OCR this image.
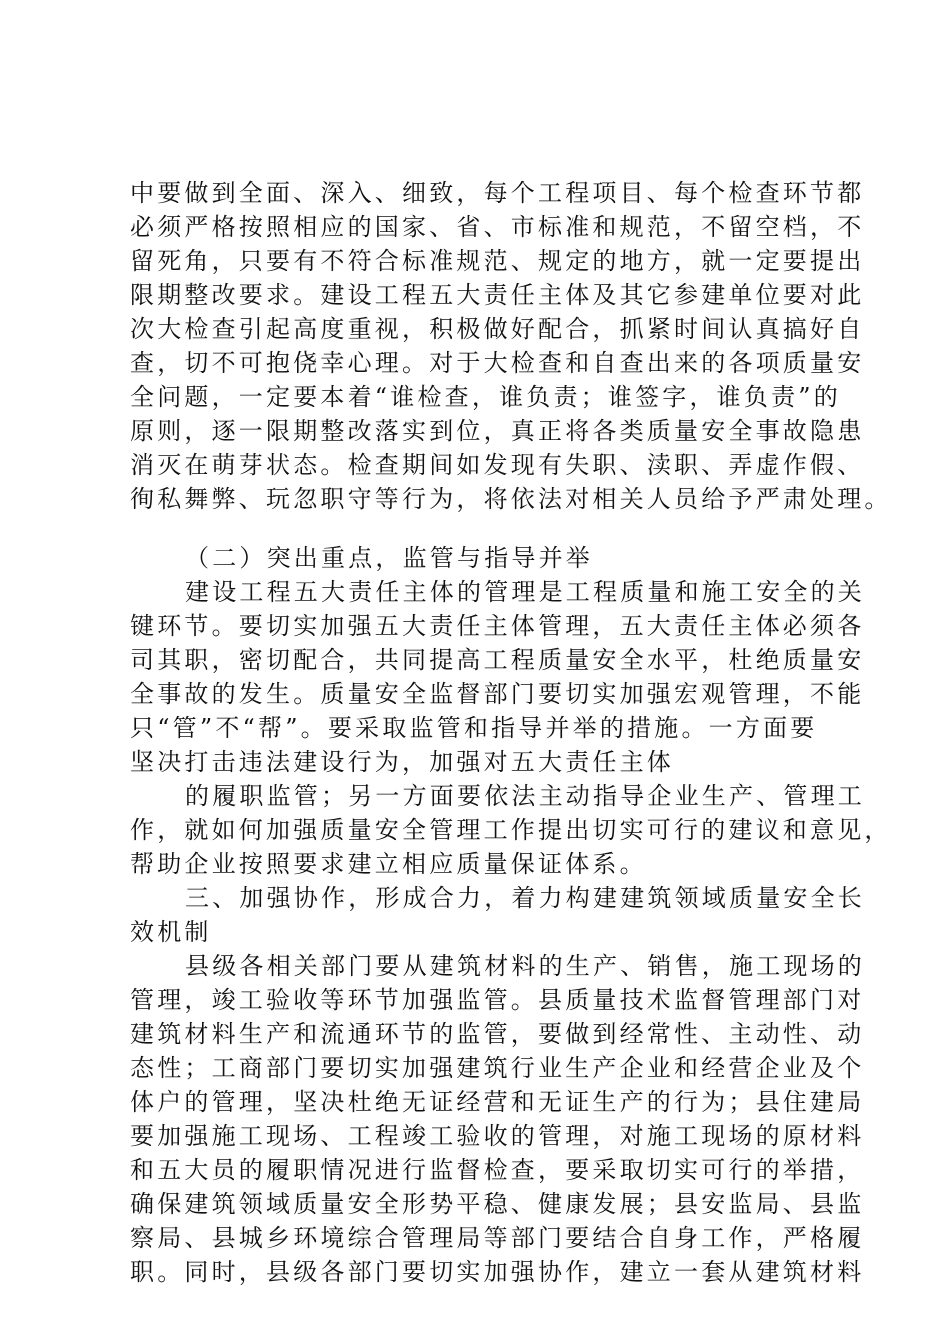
中要做到全面、深入、细致，每个工程项目、每个检查环节都
必须严格按照相应的国家、省、市标准和规范，不留空档，不
留死角，只要有不符合标准规范、规定的地方，就一定要提出
限期整改要求。建设工程五大责任主体及其它参建单位要对此
次大检查引起高度重视，积极做好配合，抓紧时间认真搞好自
查，切不可抱侥幸心理。对于大检查和自查出来的各项质量安
全问题，一定要本着“谁检查，谁负责；谁签字，谁负责”的
原则，逐一限期整改落实到位，真正将各类质量安全事故隐患
消灭在萌芽状态。检查期间如发现有失职、渎职、弄虚作假、
徇私舞弊、玩忽职守等行为，将依法对相关人员给予严肃处理。
（二）突出重点，监管与指导并举
建设工程五大责任主体的管理是工程质量和施工安全的关
键环节。要切实加强五大责任主体管理，五大责任主体必须各
司其职，密切配合，共同提高工程质量安全水平，杜绝质量安
全事故的发生。质量安全监督部门要切实加强宏观管理，不能
只“管”不“帮”。要采取监管和指导并举的措施。一方面要
坚决打击违法建设行为，加强对五大责任主体
的履职监管；另一方面要依法主动指导企业生产、管理工
作，就如何加强质量安全管理工作提出切实可行的建议和意见，
帮助企业按照要求建立相应质量保证体系。
三、加强协作，形成合力，着力构建建筑领域质量安全长
效机制
县级各相关部门要从建筑材料的生产、销售，施工现场的
管理，竣工验收等环节加强监管。县质量技术监督管理部门对
建筑材料生产和流通环节的监管，要做到经常性、主动性、动
态性；工商部门要切实加强建筑行业生产企业和经营企业及个
体户的管理，坚决杜绝无证经营和无证生产的行为；县住建局
要加强施工现场、工程竣工验收的管理，对施工现场的原材料
和五大员的履职情况进行监督检查，要采取切实可行的举措，
确保建筑领域质量安全形势平稳、健康发展；县安监局、县监
察局、县城乡环境综合管理局等部门要结合自身工作，严格履
职。同时，县级各部门要切实加强协作，建立一套从建筑材料
